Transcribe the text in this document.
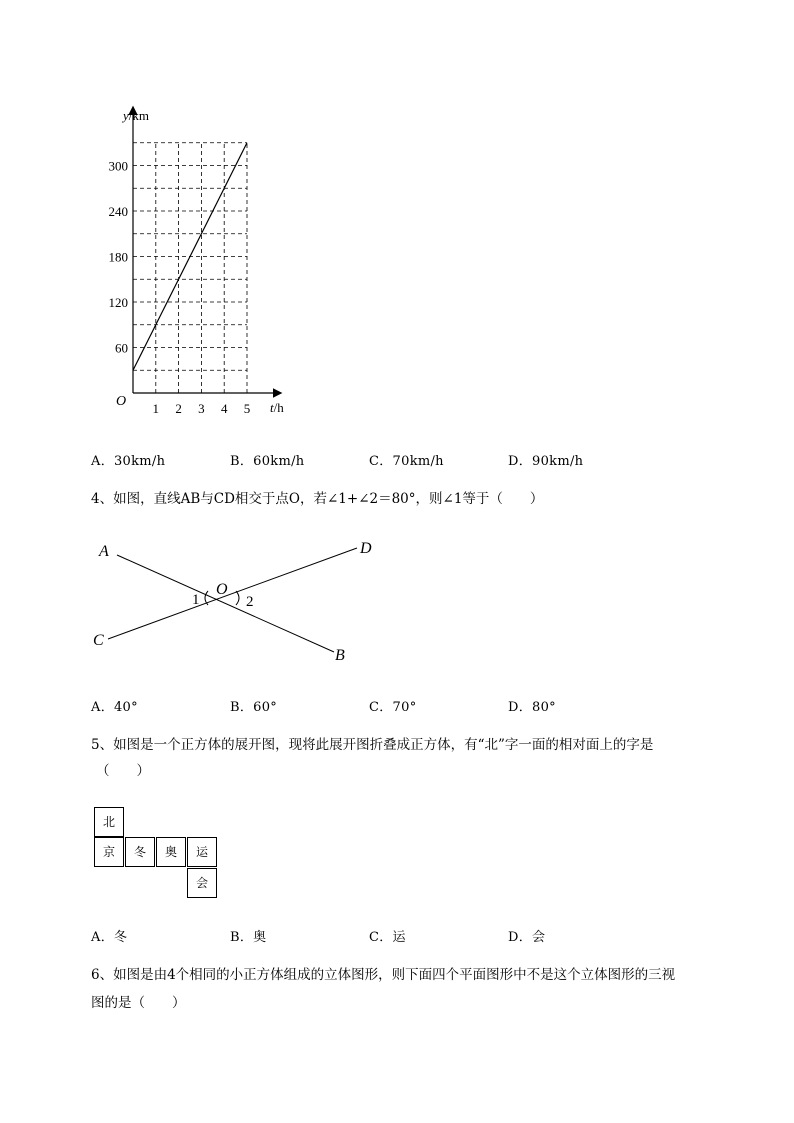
1 2 3 4 5
60
120
180
240
300
y/km
t/h
O
A．30km/h	B．60km/h	C．70km/h	D．90km/h
4、如图，直线AB与CD相交于点O，若∠1+∠2＝80°，则∠1等于（　　）
A	D
C
B
O
1	2
A．40°	B．60°	C．70°	D．80°
5、如图是一个正方体的展开图，现将此展开图折叠成正方体，有“北”字一面的相对面上的字是
（　　）
北
京	冬	奥	运
会
A．冬	B．奥	C．运	D．会
6、如图是由4个相同的小正方体组成的立体图形，则下面四个平面图形中不是这个立体图形的三视
图的是（　　）
